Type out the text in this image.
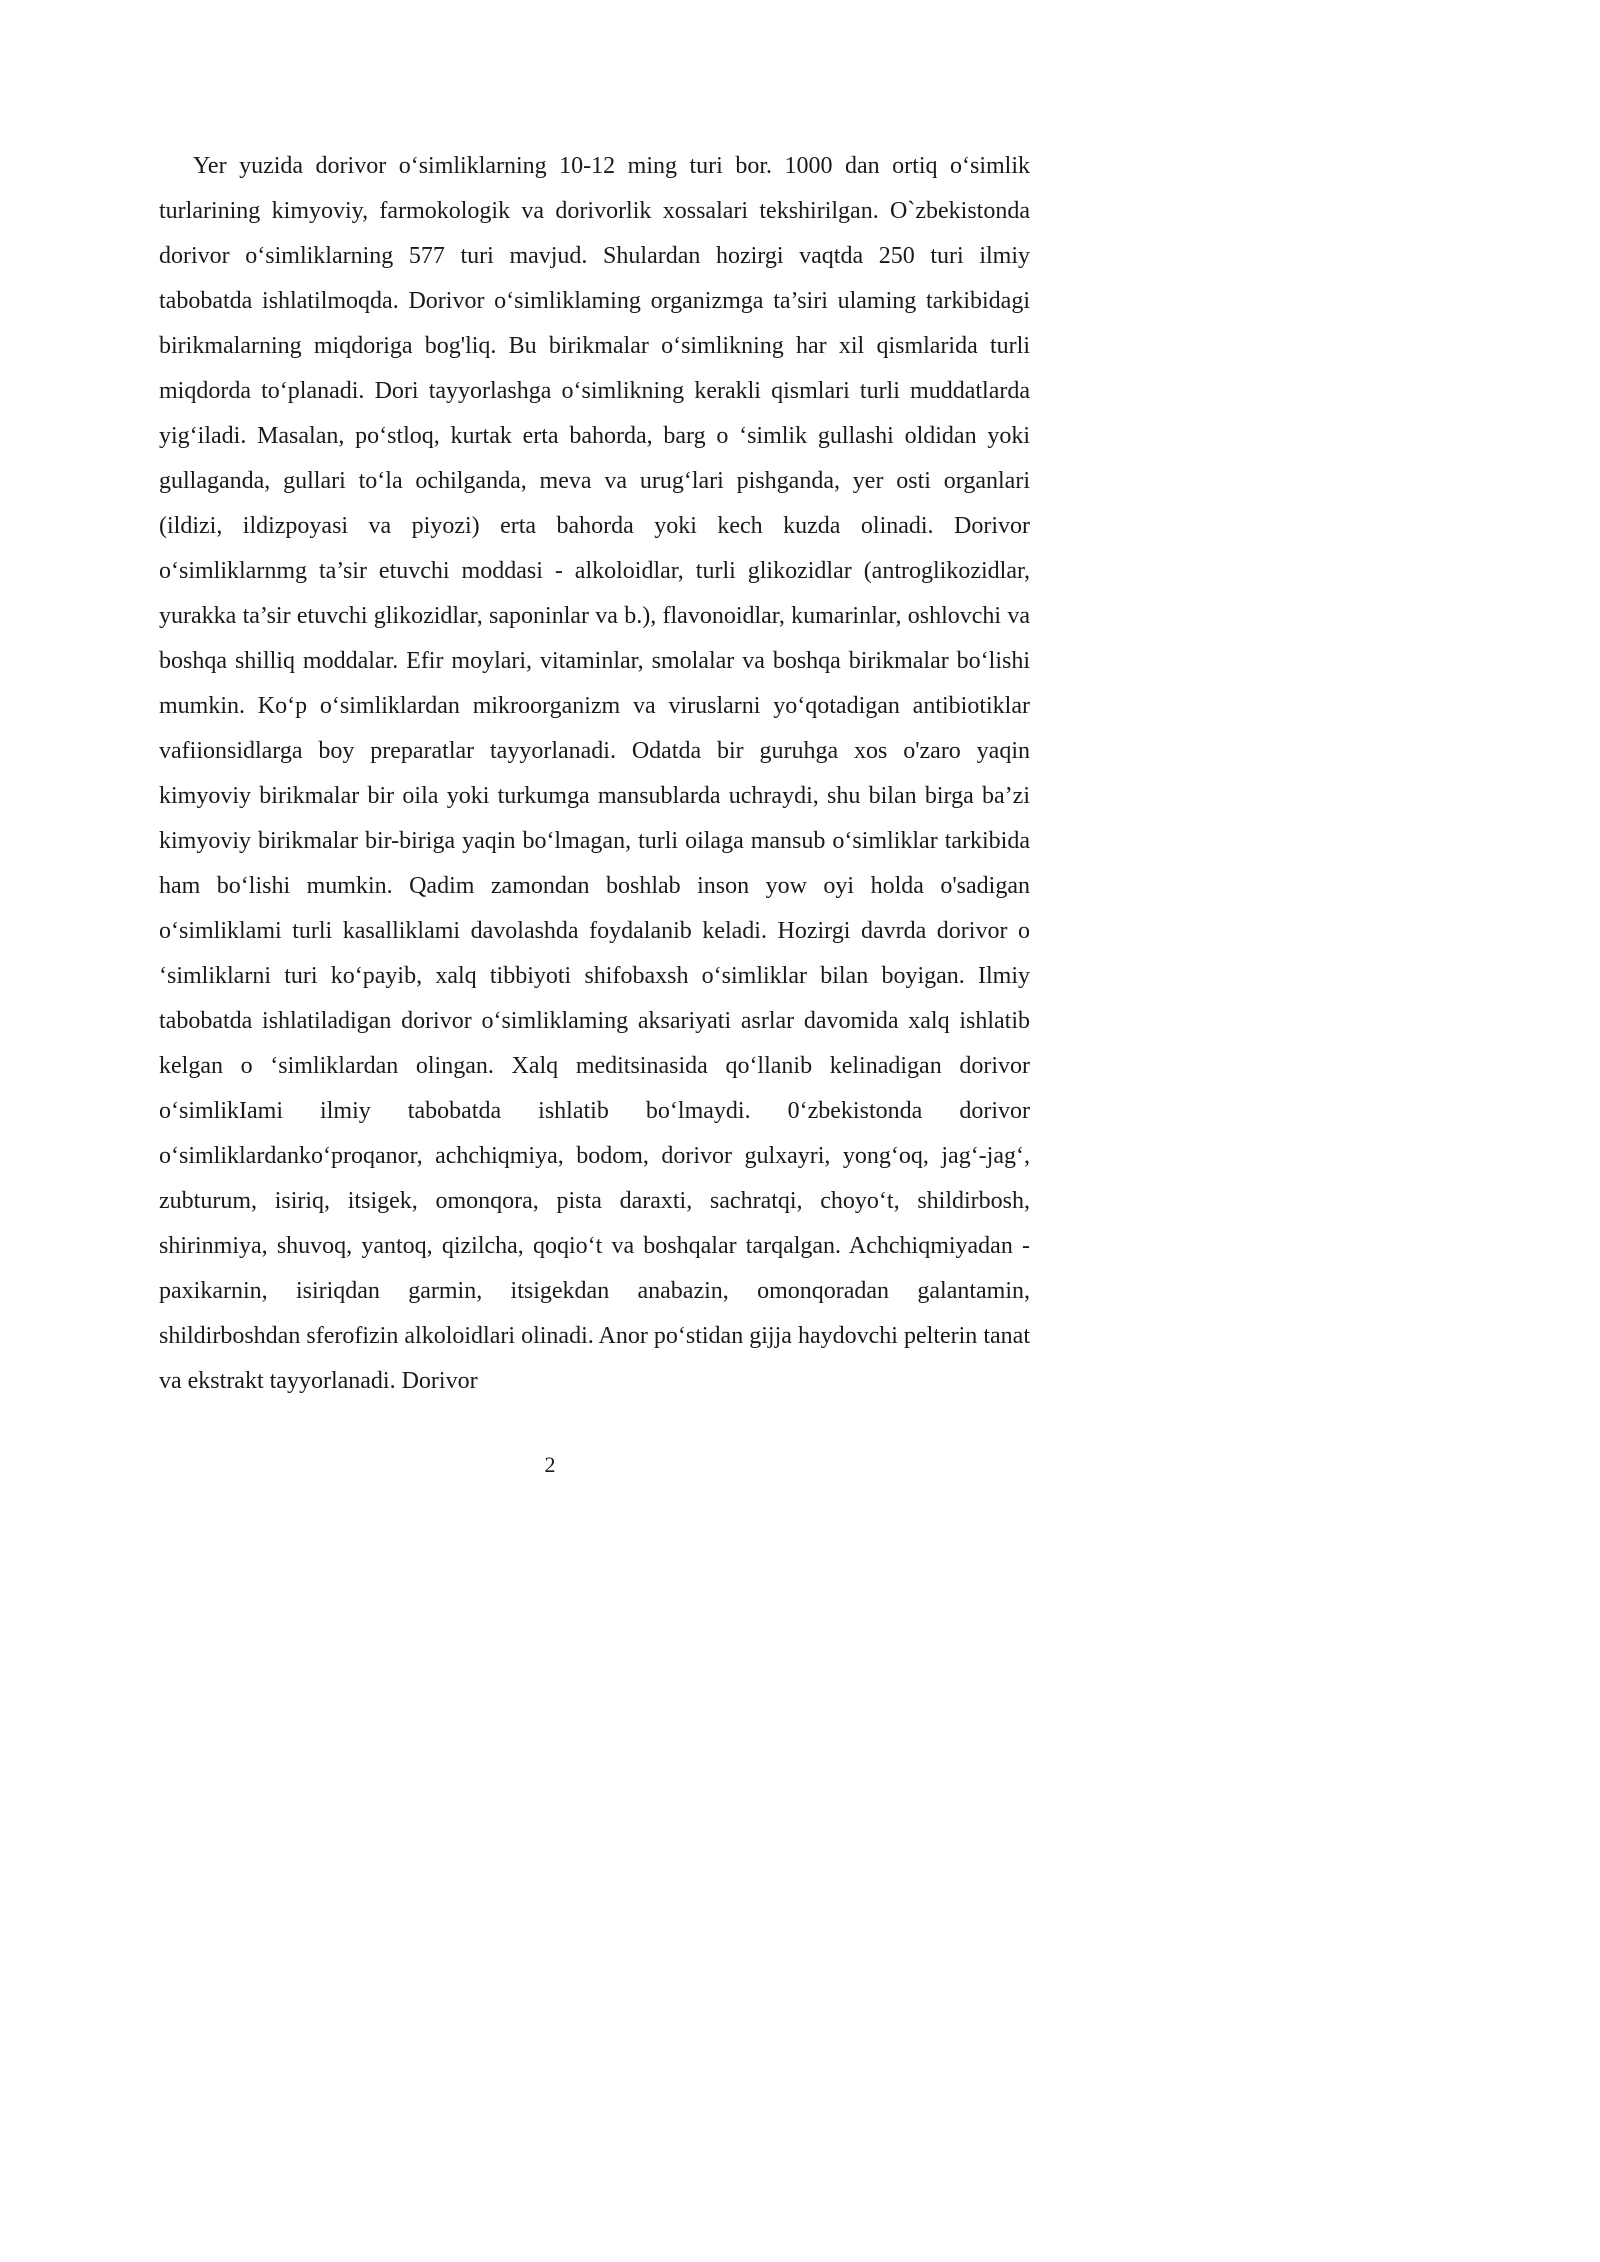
Yer yuzida dorivor o‘simliklarning 10-12 ming turi bor. 1000 dan ortiq o‘simlik turlarining kimyoviy, farmokologik va dorivorlik xossalari tekshirilgan. O`zbekistonda dorivor o‘simliklarning 577 turi mavjud. Shulardan hozirgi vaqtda 250 turi ilmiy tabobatda ishlatilmoqda. Dorivor o‘simliklaming organizmga ta’siri ulaming tarkibidagi birikmalarning miqdoriga bog'liq. Bu birikmalar o‘simlikning har xil qismlarida turli miqdorda to‘planadi. Dori tayyorlashga o‘simlikning kerakli qismlari turli muddatlarda yig‘iladi. Masalan, po‘stloq, kurtak erta bahorda, barg o ‘simlik gullashi oldidan yoki gullaganda, gullari to‘la ochilganda, meva va urug‘lari pishganda, yer osti organlari (ildizi, ildizpoyasi va piyozi) erta bahorda yoki kech kuzda olinadi. Dorivor o‘simliklarnmg ta’sir etuvchi moddasi - alkoloidlar, turli glikozidlar (antroglikozidlar, yurakka ta’sir etuvchi glikozidlar, saponinlar va b.), flavonoidlar, kumarinlar, oshlovchi va boshqa shilliq moddalar. Efir moylari, vitaminlar, smolalar va boshqa birikmalar bo‘lishi mumkin. Ko‘p o‘simliklardan mikroorganizm va viruslarni yo‘qotadigan antibiotiklar vafiionsidlarga boy preparatlar tayyorlanadi. Odatda bir guruhga xos o'zaro yaqin kimyoviy birikmalar bir oila yoki turkumga mansublarda uchraydi, shu bilan birga ba’zi kimyoviy birikmalar bir-biriga yaqin bo‘lmagan, turli oilaga mansub o‘simliklar tarkibida ham bo‘lishi mumkin. Qadim zamondan boshlab inson yow oyi holda o'sadigan o‘simliklami turli kasalliklami davolashda foydalanib keladi. Hozirgi davrda dorivor o ‘simliklarni turi ko‘payib, xalq tibbiyoti shifobaxsh o‘simliklar bilan boyigan. Ilmiy tabobatda ishlatiladigan dorivor o‘simliklaming aksariyati asrlar davomida xalq ishlatib kelgan o ‘simliklardan olingan. Xalq meditsinasida qo‘llanib kelinadigan dorivor o‘simlikIami ilmiy tabobatda ishlatib bo‘lmaydi. 0‘zbekistonda dorivor o‘simliklardanko‘proqanor, achchiqmiya, bodom, dorivor gulxayri, yong‘oq, jag‘-jag‘, zubturum, isiriq, itsigek, omonqora, pista daraxti, sachratqi, choyo‘t, shildirbosh, shirinmiya, shuvoq, yantoq, qizilcha, qoqio‘t va boshqalar tarqalgan. Achchiqmiyadan - paxikarnin, isiriqdan garmin, itsigekdan anabazin, omonqoradan galantamin, shildirboshdan sferofizin alkoloidlari olinadi. Anor po‘stidan gijja haydovchi pelterin tanat va ekstrakt tayyorlanadi. Dorivor

2
